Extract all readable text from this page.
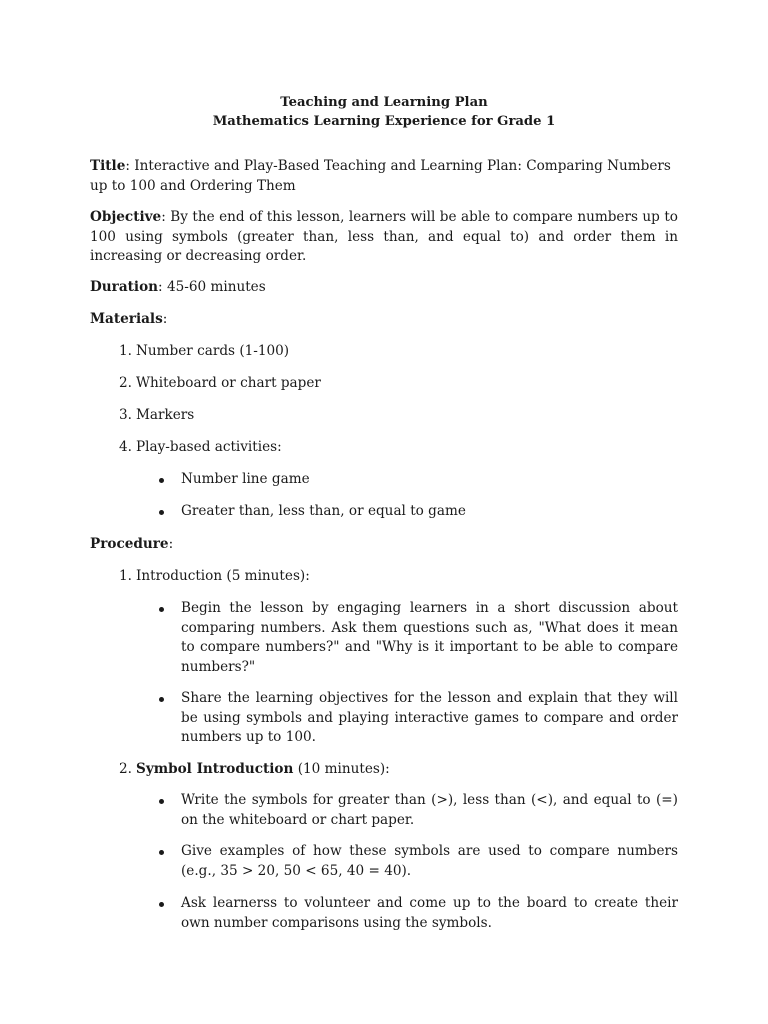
Teaching and Learning Plan
Mathematics Learning Experience for Grade 1
Title: Interactive and Play-Based Teaching and Learning Plan: Comparing Numbers up to 100 and Ordering Them
Objective: By the end of this lesson, learners will be able to compare numbers up to 100 using symbols (greater than, less than, and equal to) and order them in increasing or decreasing order.
Duration: 45-60 minutes
Materials:
1. Number cards (1-100)
2. Whiteboard or chart paper
3. Markers
4. Play-based activities:
Number line game
Greater than, less than, or equal to game
Procedure:
1. Introduction (5 minutes):
Begin the lesson by engaging learners in a short discussion about comparing numbers. Ask them questions such as, "What does it mean to compare numbers?" and "Why is it important to be able to compare numbers?"
Share the learning objectives for the lesson and explain that they will be using symbols and playing interactive games to compare and order numbers up to 100.
2. Symbol Introduction (10 minutes):
Write the symbols for greater than (>), less than (<), and equal to (=) on the whiteboard or chart paper.
Give examples of how these symbols are used to compare numbers (e.g., 35 > 20, 50 < 65, 40 = 40).
Ask learnerss to volunteer and come up to the board to create their own number comparisons using the symbols.
